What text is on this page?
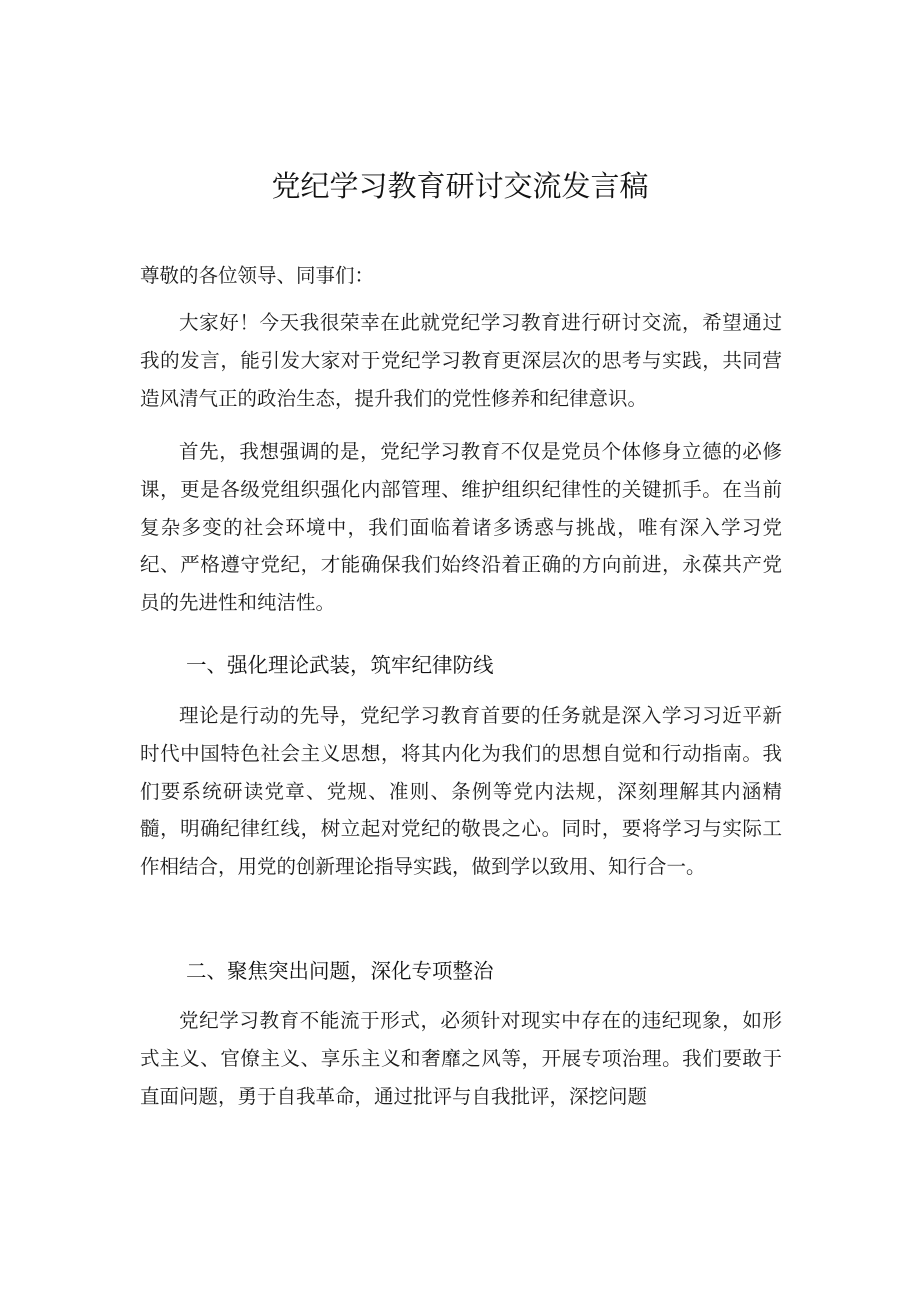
党纪学习教育研讨交流发言稿
尊敬的各位领导、同事们：

大家好！今天我很荣幸在此就党纪学习教育进行研讨交流，希望通过我的发言，能引发大家对于党纪学习教育更深层次的思考与实践，共同营造风清气正的政治生态，提升我们的党性修养和纪律意识。

首先，我想强调的是，党纪学习教育不仅是党员个体修身立德的必修课，更是各级党组织强化内部管理、维护组织纪律性的关键抓手。在当前复杂多变的社会环境中，我们面临着诸多诱惑与挑战，唯有深入学习党纪、严格遵守党纪，才能确保我们始终沿着正确的方向前进，永葆共产党员的先进性和纯洁性。

一、强化理论武装，筑牢纪律防线

理论是行动的先导，党纪学习教育首要的任务就是深入学习习近平新时代中国特色社会主义思想，将其内化为我们的思想自觉和行动指南。我们要系统研读党章、党规、准则、条例等党内法规，深刻理解其内涵精髓，明确纪律红线，树立起对党纪的敬畏之心。同时，要将学习与实际工作相结合，用党的创新理论指导实践，做到学以致用、知行合一。

二、聚焦突出问题，深化专项整治

党纪学习教育不能流于形式，必须针对现实中存在的违纪现象，如形式主义、官僚主义、享乐主义和奢靡之风等，开展专项治理。我们要敢于直面问题，勇于自我革命，通过批评与自我批评，深挖问题
